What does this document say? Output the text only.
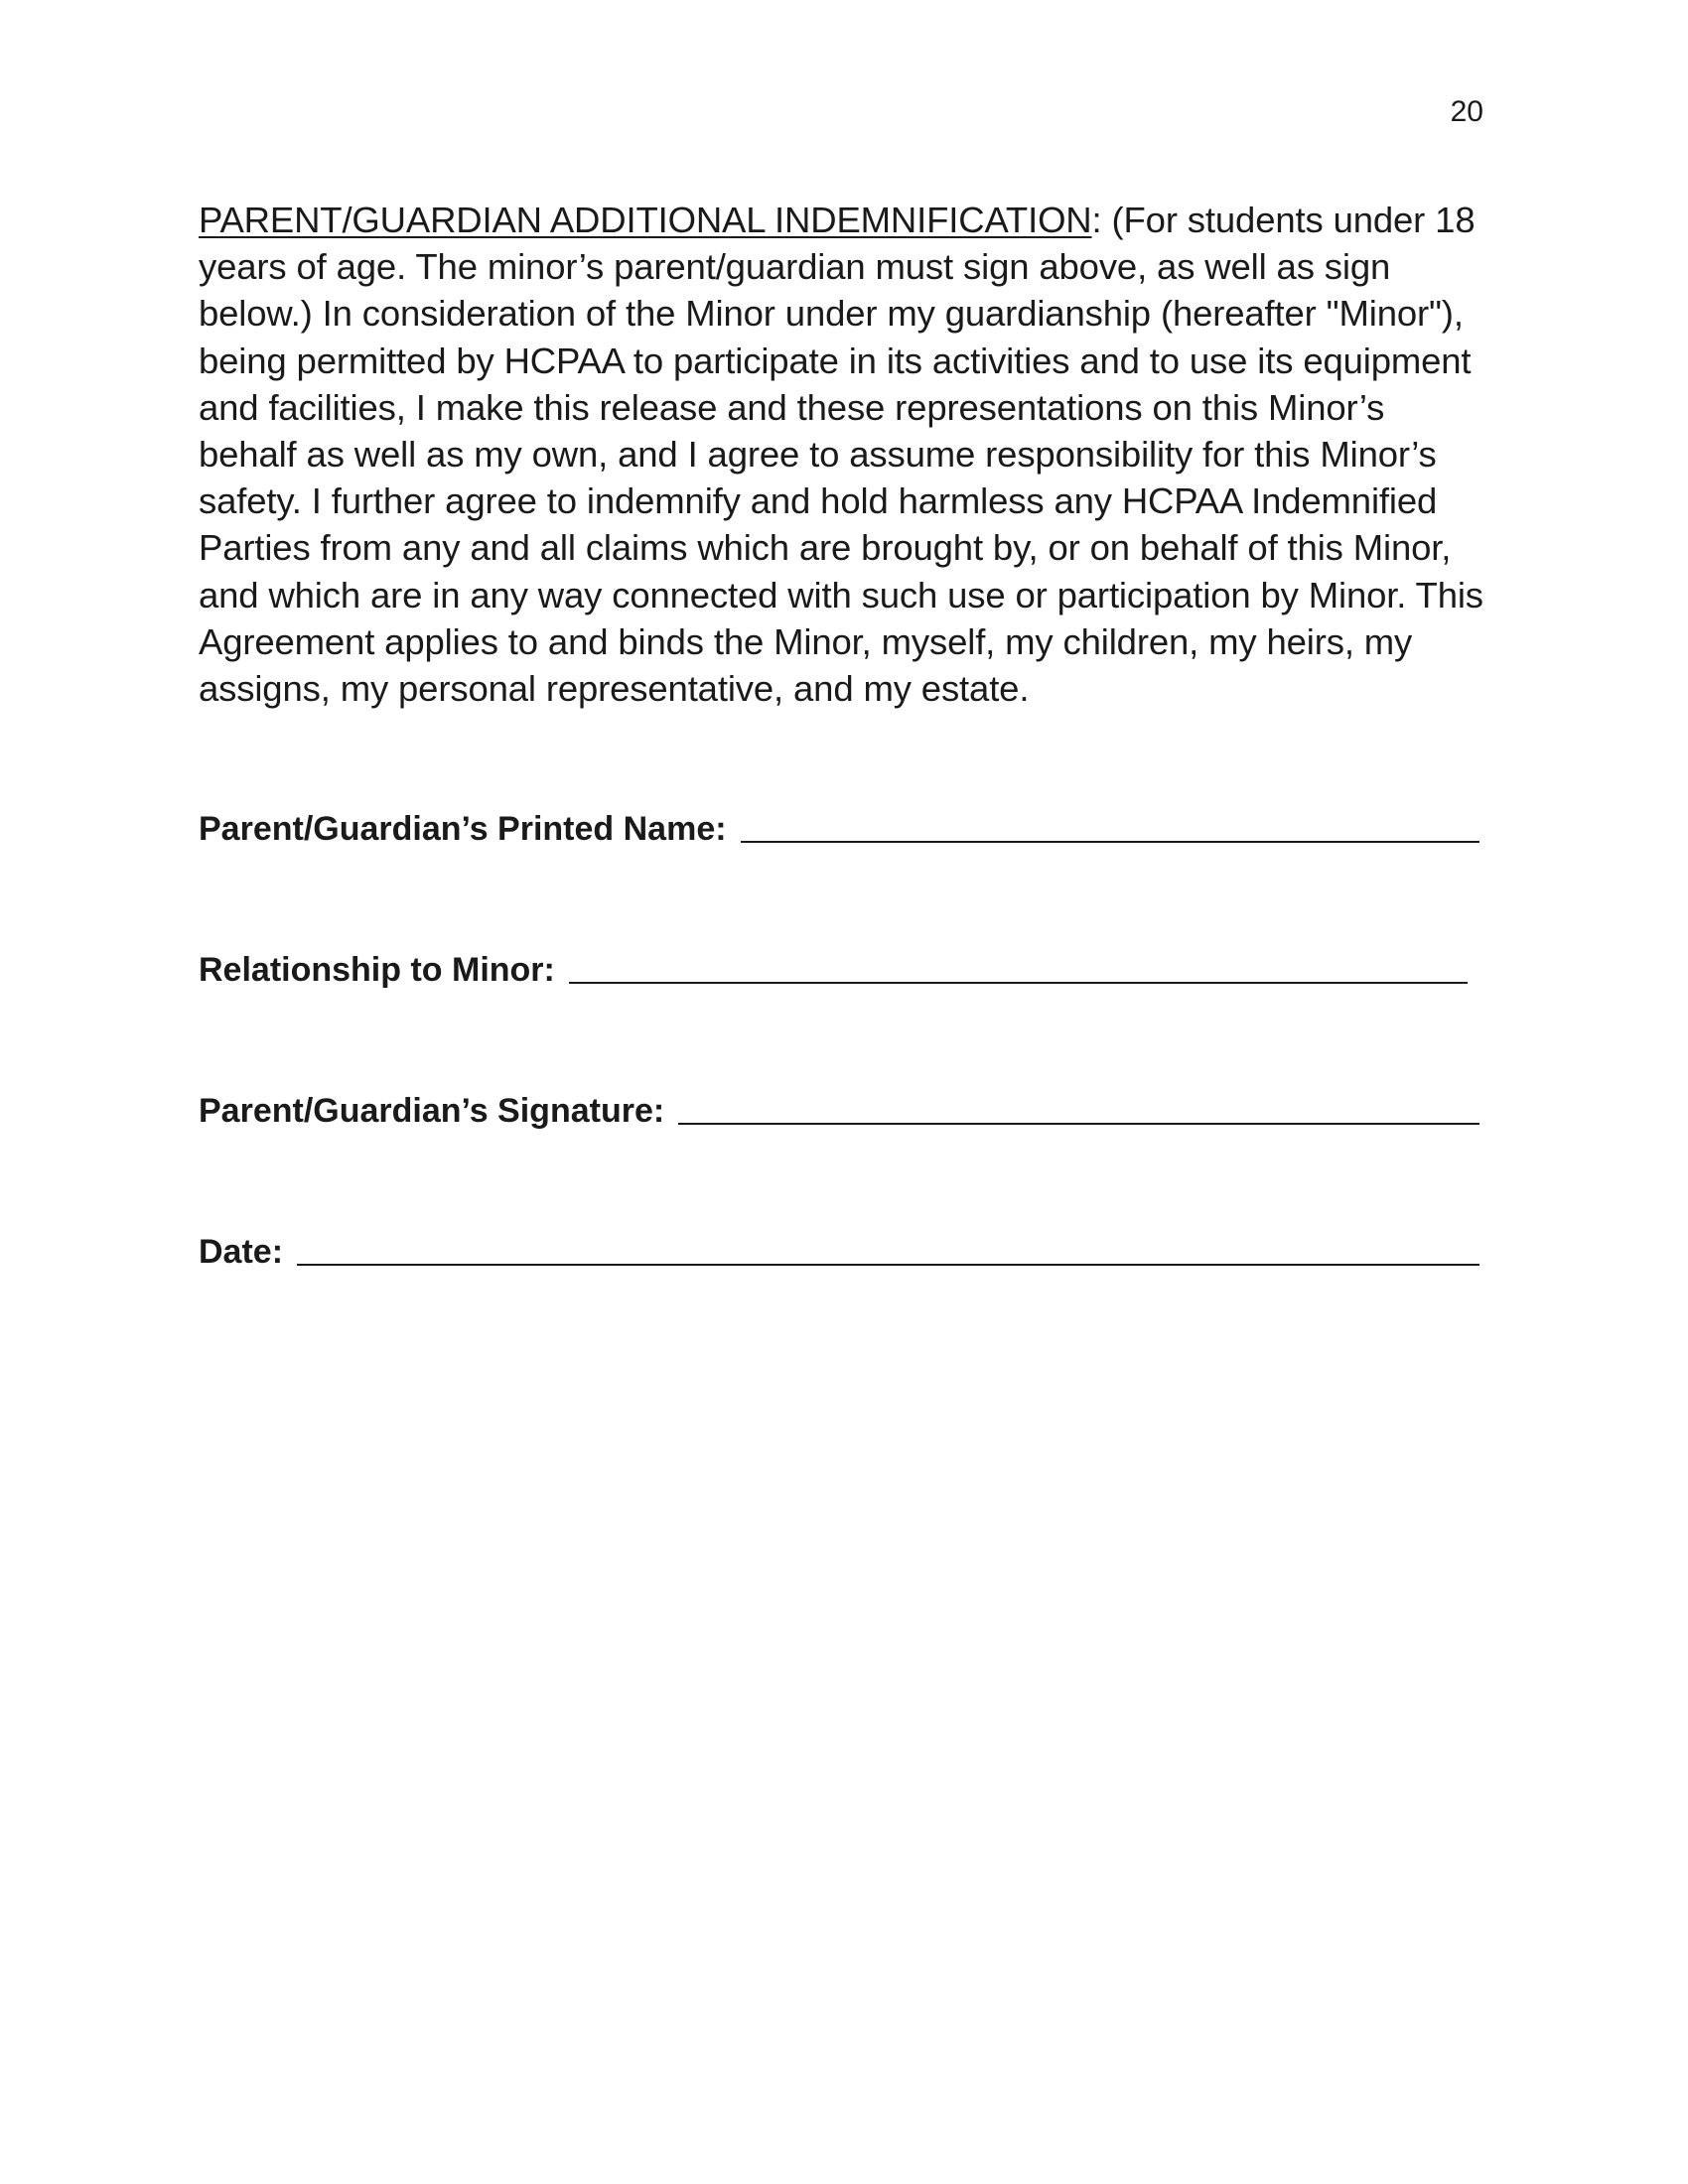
20

PARENT/GUARDIAN ADDITIONAL INDEMNIFICATION: (For students under 18 years of age. The minor’s parent/guardian must sign above, as well as sign below.) In consideration of the Minor under my guardianship (hereafter "Minor"), being permitted by HCPAA to participate in its activities and to use its equipment and facilities, I make this release and these representations on this Minor’s behalf as well as my own, and I agree to assume responsibility for this Minor’s safety. I further agree to indemnify and hold harmless any HCPAA Indemnified Parties from any and all claims which are brought by, or on behalf of this Minor, and which are in any way connected with such use or participation by Minor. This Agreement applies to and binds the Minor, myself, my children, my heirs, my assigns, my personal representative, and my estate.

Parent/Guardian’s Printed Name:
Relationship to Minor:
Parent/Guardian’s Signature:
Date:
